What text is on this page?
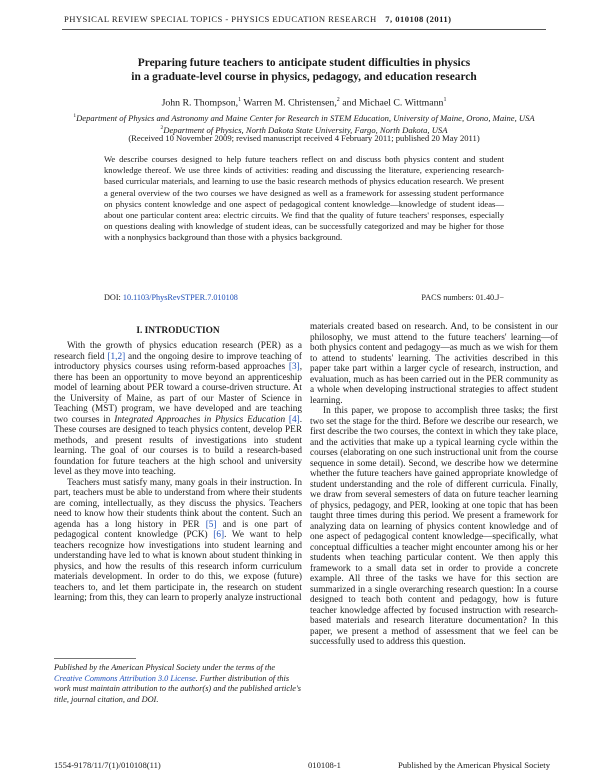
PHYSICAL REVIEW SPECIAL TOPICS - PHYSICS EDUCATION RESEARCH 7, 010108 (2011)
Preparing future teachers to anticipate student difficulties in physics
in a graduate-level course in physics, pedagogy, and education research
John R. Thompson,$^1$ Warren M. Christensen,$^2$ and Michael C. Wittmann$^1$
$^1$Department of Physics and Astronomy and Maine Center for Research in STEM Education, University of Maine, Orono, Maine, USA
$^2$Department of Physics, North Dakota State University, Fargo, North Dakota, USA
(Received 10 November 2009; revised manuscript received 4 February 2011; published 20 May 2011)
We describe courses designed to help future teachers reflect on and discuss both physics content and student knowledge thereof. We use three kinds of activities: reading and discussing the literature, experiencing research-based curricular materials, and learning to use the basic research methods of physics education research. We present a general overview of the two courses we have designed as well as a framework for assessing student performance on physics content knowledge and one aspect of pedagogical content knowledge—knowledge of student ideas—about one particular content area: electric circuits. We find that the quality of future teachers' responses, especially on questions dealing with knowledge of student ideas, can be successfully categorized and may be higher for those with a nonphysics background than those with a physics background.
DOI: 10.1103/PhysRevSTPER.7.010108	PACS numbers: 01.40.J−
I. INTRODUCTION

With the growth of physics education research (PER) as a research field [1,2] and the ongoing desire to improve teaching of introductory physics courses using reform-based approaches [3], there has been an opportunity to move beyond an apprenticeship model of learning about PER toward a course-driven structure. At the University of Maine, as part of our Master of Science in Teaching (MST) program, we have developed and are teaching two courses in Integrated Approaches in Physics Education [4]. These courses are designed to teach physics content, develop PER methods, and present results of investigations into student learning. The goal of our courses is to build a research-based foundation for future teachers at the high school and university level as they move into teaching.

Teachers must satisfy many, many goals in their instruction. In part, teachers must be able to understand from where their students are coming, intellectually, as they discuss the physics. Teachers need to know how their students think about the content. Such an agenda has a long history in PER [5] and is one part of pedagogical content knowledge (PCK) [6]. We want to help teachers recognize how investigations into student learning and understanding have led to what is known about student thinking in physics, and how the results of this research inform curriculum materials development. In order to do this, we expose (future) teachers to, and let them participate in, the research on student learning; from this, they can learn to properly analyze instructional

Published by the American Physical Society under the terms of the Creative Commons Attribution 3.0 License. Further distribution of this work must maintain attribution to the author(s) and the published article's title, journal citation, and DOI.

materials created based on research. And, to be consistent in our philosophy, we must attend to the future teachers' learning—of both physics content and pedagogy—as much as we wish for them to attend to students' learning. The activities described in this paper take part within a larger cycle of research, instruction, and evaluation, much as has been carried out in the PER community as a whole when developing instructional strategies to affect student learning.

In this paper, we propose to accomplish three tasks; the first two set the stage for the third. Before we describe our research, we first describe the two courses, the context in which they take place, and the activities that make up a typical learning cycle within the courses (elaborating on one such instructional unit from the course sequence in some detail). Second, we describe how we determine whether the future teachers have gained appropriate knowledge of student understanding and the role of different curricula. Finally, we draw from several semesters of data on future teacher learning of physics, pedagogy, and PER, looking at one topic that has been taught three times during this period. We present a framework for analyzing data on learning of physics content knowledge and of one aspect of pedagogical content knowledge—specifically, what conceptual difficulties a teacher might encounter among his or her students when teaching particular content. We then apply this framework to a small data set in order to provide a concrete example. All three of the tasks we have for this section are summarized in a single overarching research question: In a course designed to teach both content and pedagogy, how is future teacher knowledge affected by focused instruction with research-based materials and research literature documentation? In this paper, we present a method of assessment that we feel can be successfully used to address this question.

1554-9178/11/7(1)/010108(11)	010108-1	Published by the American Physical Society
